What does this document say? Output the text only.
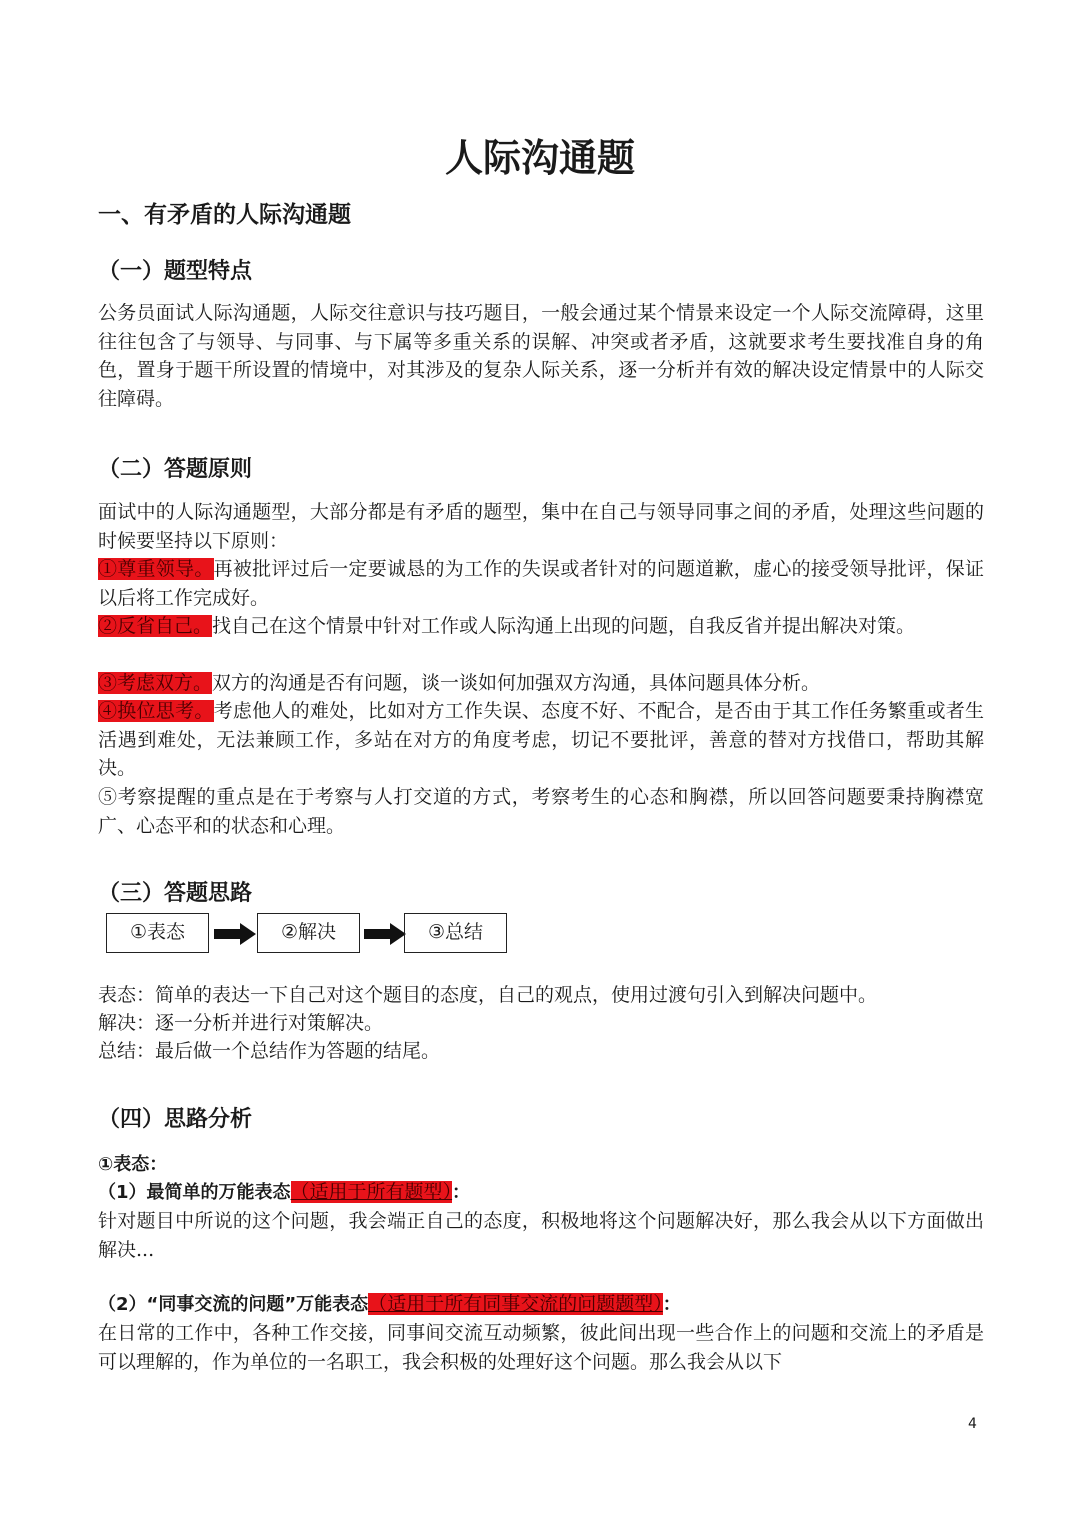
人际沟通题
一、有矛盾的人际沟通题
（一）题型特点
公务员面试人际沟通题，人际交往意识与技巧题目，一般会通过某个情景来设定一个人际交流障碍，这里往往包含了与领导、与同事、与下属等多重关系的误解、冲突或者矛盾，这就要求考生要找准自身的角色，置身于题干所设置的情境中，对其涉及的复杂人际关系，逐一分析并有效的解决设定情景中的人际交往障碍。
（二）答题原则
面试中的人际沟通题型，大部分都是有矛盾的题型，集中在自己与领导同事之间的矛盾，处理这些问题的时候要坚持以下原则：
①尊重领导。再被批评过后一定要诚恳的为工作的失误或者针对的问题道歉，虚心的接受领导批评，保证以后将工作完成好。
②反省自己。找自己在这个情景中针对工作或人际沟通上出现的问题，自我反省并提出解决对策。
③考虑双方。双方的沟通是否有问题，谈一谈如何加强双方沟通，具体问题具体分析。
④换位思考。考虑他人的难处，比如对方工作失误、态度不好、不配合，是否由于其工作任务繁重或者生活遇到难处，无法兼顾工作，多站在对方的角度考虑，切记不要批评，善意的替对方找借口，帮助其解决。
⑤考察提醒的重点是在于考察与人打交道的方式，考察考生的心态和胸襟，所以回答问题要秉持胸襟宽广、心态平和的状态和心理。
（三）答题思路
①表态	②解决	③总结
表态：简单的表达一下自己对这个题目的态度，自己的观点，使用过渡句引入到解决问题中。
解决：逐一分析并进行对策解决。
总结：最后做一个总结作为答题的结尾。
（四）思路分析
①表态：
（1）最简单的万能表态（适用于所有题型）：
针对题目中所说的这个问题，我会端正自己的态度，积极地将这个问题解决好，那么我会从以下方面做出解决...
（2）“同事交流的问题”万能表态（适用于所有同事交流的问题题型）：
在日常的工作中，各种工作交接，同事间交流互动频繁，彼此间出现一些合作上的问题和交流上的矛盾是可以理解的，作为单位的一名职工，我会积极的处理好这个问题。那么我会从以下
4
